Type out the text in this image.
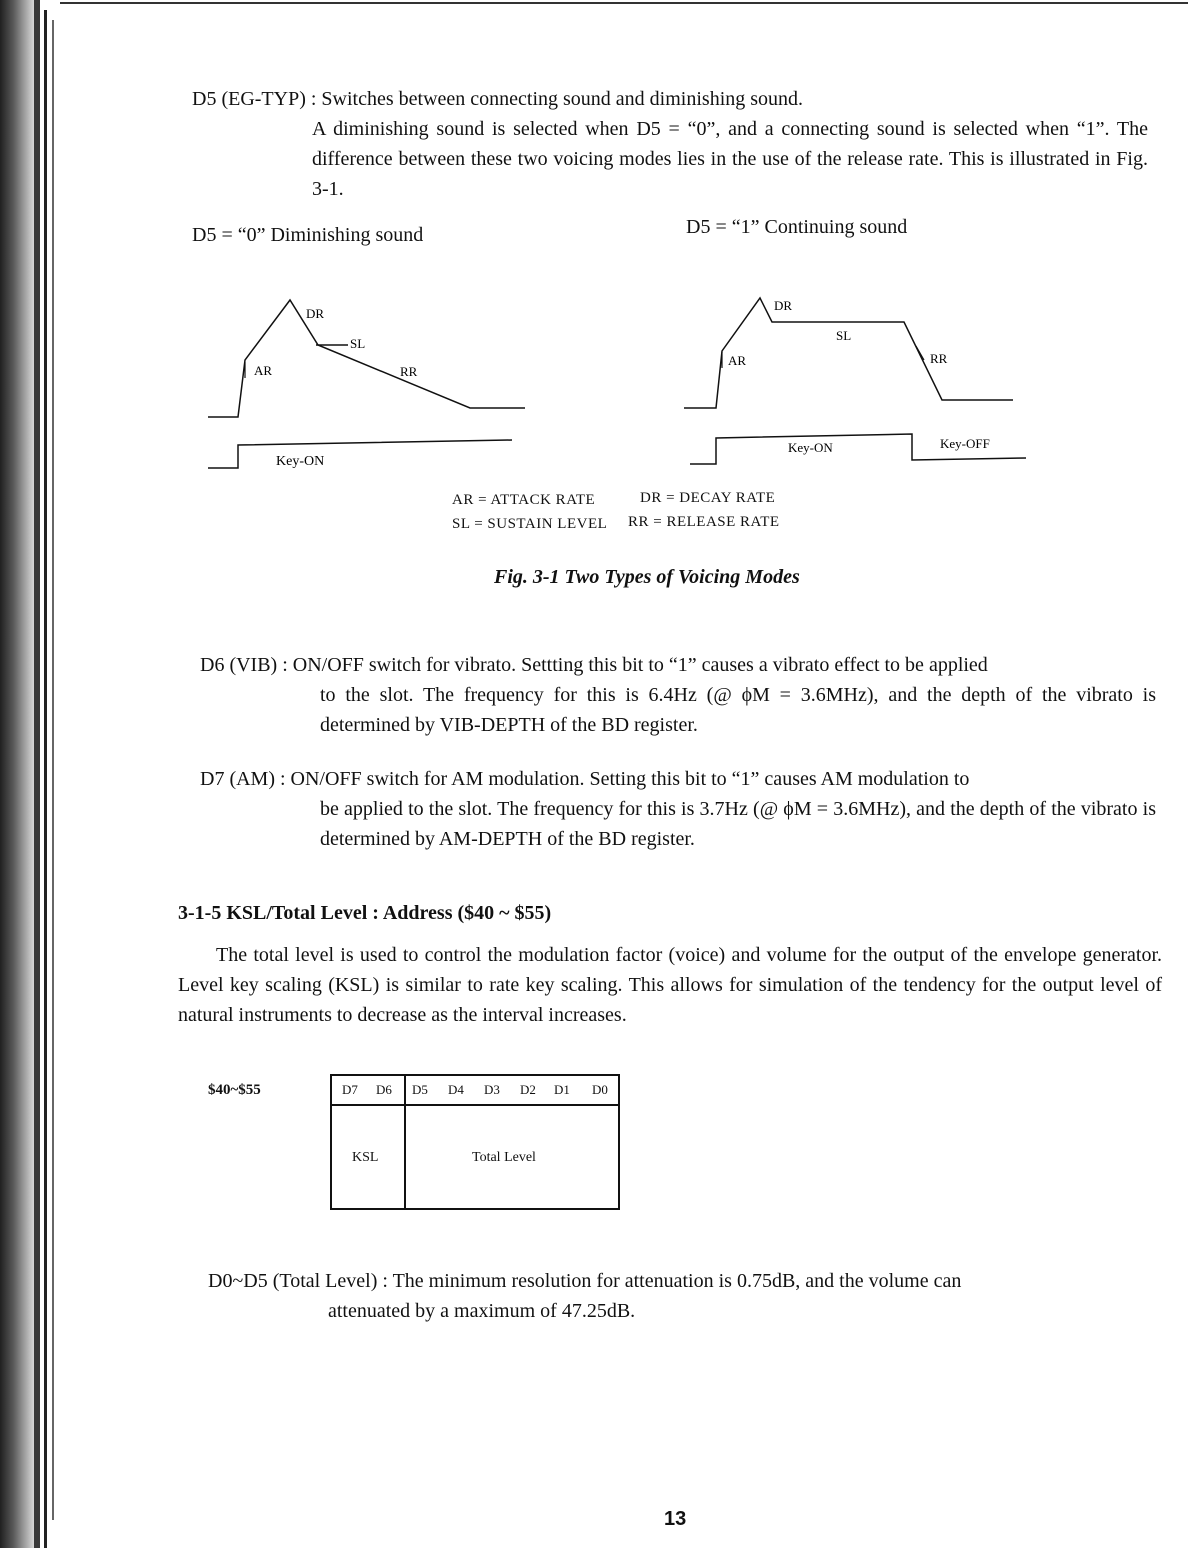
D5 (EG-TYP) : Switches between connecting sound and diminishing sound.
A diminishing sound is selected when D5 = “0”, and a connecting sound is selected when “1”. The difference between these two voicing modes lies in the use of the release rate. This is illustrated in Fig. 3-1.
D5 = “0” Diminishing sound	D5 = “1” Continuing sound
AR
DR
SL
RR
Key-ON
AR
DR
SL
RR
Key-ON	Key-OFF
AR = ATTACK RATE	DR = DECAY RATE
SL = SUSTAIN LEVEL RR = RELEASE RATE
Fig. 3-1 Two Types of Voicing Modes
D6 (VIB) : ON/OFF switch for vibrato. Settting this bit to “1” causes a vibrato effect to be applied
to the slot. The frequency for this is 6.4Hz (@ ϕM = 3.6MHz), and the depth of the vibrato is determined by VIB-DEPTH of the BD register.
D7 (AM) : ON/OFF switch for AM modulation. Setting this bit to “1” causes AM modulation to
be applied to the slot. The frequency for this is 3.7Hz (@ ϕM = 3.6MHz), and the depth of the vibrato is determined by AM-DEPTH of the BD register.
3-1-5 KSL/Total Level : Address ($40 ~ $55)
The total level is used to control the modulation factor (voice) and volume for the output of the envelope generator. Level key scaling (KSL) is similar to rate key scaling. This allows for simulation of the tendency for the output level of natural instruments to decrease as the interval increases.
$40~$55	D7 D6 D5 D4 D3 D2 D1 D0
KSL	Total Level
D0~D5 (Total Level) : The minimum resolution for attenuation is 0.75dB, and the volume can
attenuated by a maximum of 47.25dB.
13
